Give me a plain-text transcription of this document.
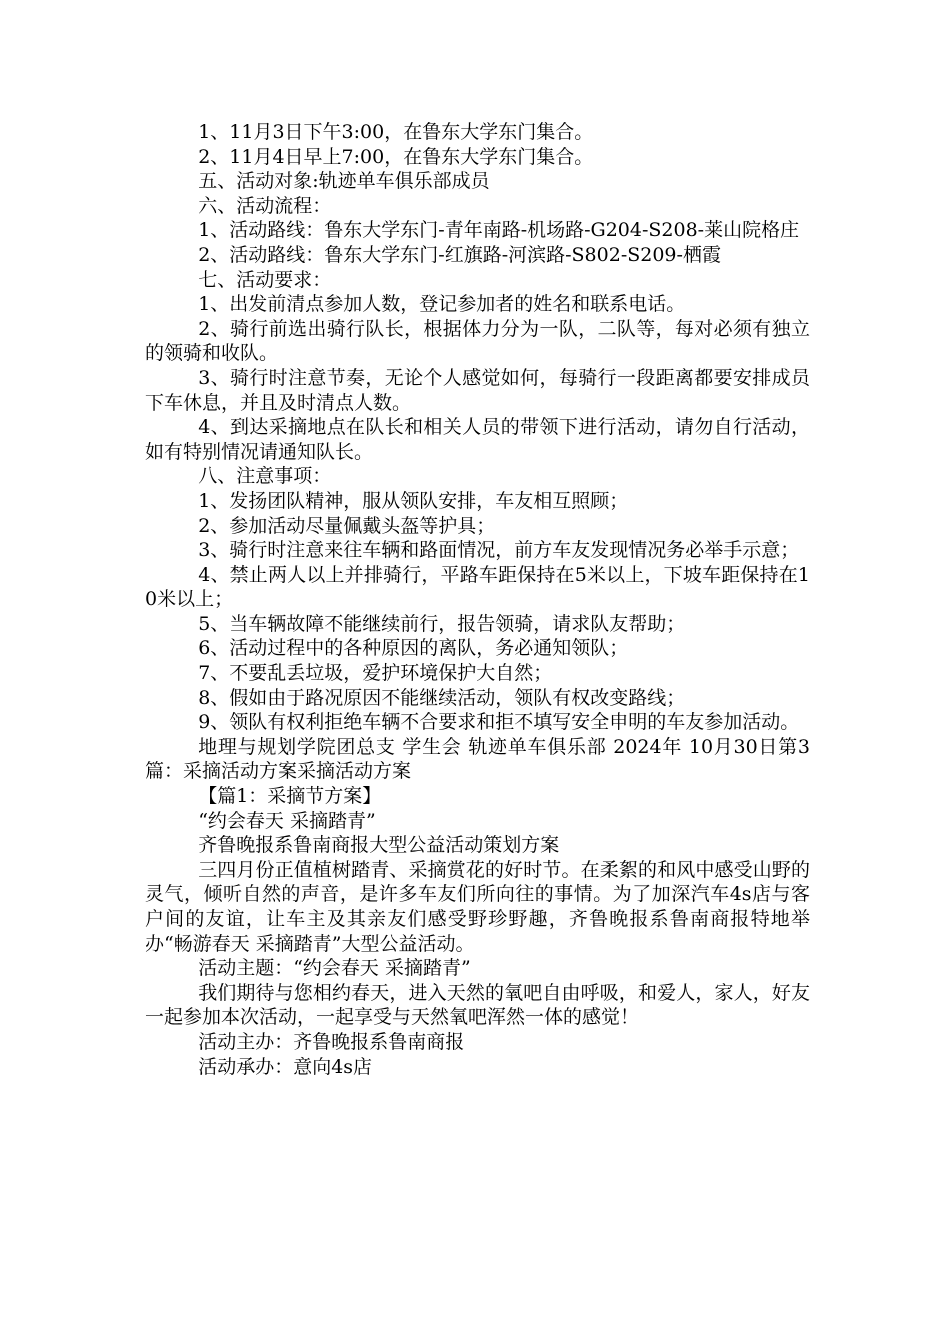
1、11月3日下午3:00，在鲁东大学东门集合。

2、11月4日早上7:00，在鲁东大学东门集合。

五、活动对象:轨迹单车俱乐部成员

六、活动流程：

1、活动路线：鲁东大学东门-青年南路-机场路-G204-S208-莱山院格庄

2、活动路线：鲁东大学东门-红旗路-河滨路-S802-S209-栖霞

七、活动要求：

1、出发前清点参加人数，登记参加者的姓名和联系电话。

2、骑行前选出骑行队长，根据体力分为一队，二队等，每对必须有独立的领骑和收队。

3、骑行时注意节奏，无论个人感觉如何，每骑行一段距离都要安排成员下车休息，并且及时清点人数。

4、到达采摘地点在队长和相关人员的带领下进行活动，请勿自行活动，如有特别情况请通知队长。

八、注意事项：

1、发扬团队精神，服从领队安排，车友相互照顾；

2、参加活动尽量佩戴头盔等护具；

3、骑行时注意来往车辆和路面情况，前方车友发现情况务必举手示意；

4、禁止两人以上并排骑行，平路车距保持在5米以上，下坡车距保持在10米以上；

5、当车辆故障不能继续前行，报告领骑，请求队友帮助；

6、活动过程中的各种原因的离队，务必通知领队；

7、不要乱丢垃圾，爱护环境保护大自然；

8、假如由于路况原因不能继续活动，领队有权改变路线；

9、领队有权利拒绝车辆不合要求和拒不填写安全申明的车友参加活动。

地理与规划学院团总支 学生会 轨迹单车俱乐部 2024年 10月30日第3篇：采摘活动方案采摘活动方案

【篇1：采摘节方案】

“约会春天 采摘踏青”

齐鲁晚报系鲁南商报大型公益活动策划方案

三四月份正值植树踏青、采摘赏花的好时节。在柔絮的和风中感受山野的灵气，倾听自然的声音，是许多车友们所向往的事情。为了加深汽车4s店与客户间的友谊，让车主及其亲友们感受野珍野趣，齐鲁晚报系鲁南商报特地举办“畅游春天 采摘踏青”大型公益活动。

活动主题：“约会春天 采摘踏青”

我们期待与您相约春天，进入天然的氧吧自由呼吸，和爱人，家人，好友一起参加本次活动，一起享受与天然氧吧浑然一体的感觉！

活动主办：齐鲁晚报系鲁南商报

活动承办：意向4s店
